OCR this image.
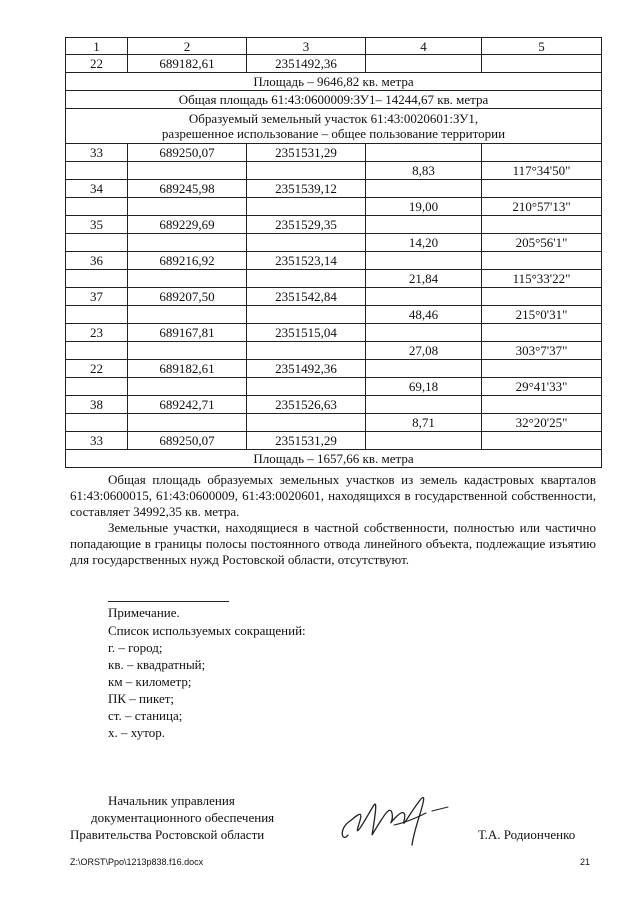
1	2	3	4	5
22	689182,61	2351492,36		
Площадь – 9646,82 кв. метра				
Общая площадь 61:43:0600009:ЗУ1– 14244,67 кв. метра				
Образуемый земельный участок 61:43:0020601:ЗУ1,
разрешенное использование – общее пользование территории				
33	689250,07	2351531,29		
			8,83	117°34'50"
34	689245,98	2351539,12		
			19,00	210°57'13"
35	689229,69	2351529,35		
			14,20	205°56'1"
36	689216,92	2351523,14		
			21,84	115°33'22"
37	689207,50	2351542,84		
			48,46	215°0'31"
23	689167,81	2351515,04		
			27,08	303°7'37"
22	689182,61	2351492,36		
			69,18	29°41'33"
38	689242,71	2351526,63		
			8,71	32°20'25"
33	689250,07	2351531,29		
Площадь – 1657,66 кв. метра				

Общая площадь образуемых земельных участков из земель кадастровых кварталов 61:43:0600015, 61:43:0600009, 61:43:0020601, находящихся в государственной собственности, составляет 34992,35 кв. метра.

Земельные участки, находящиеся в частной собственности, полностью или частично попадающие в границы полосы постоянного отвода линейного объекта, подлежащие изъятию для государственных нужд Ростовской области, отсутствуют.

Примечание.

Список используемых сокращений:

г. – город;

кв. – квадратный;

км – километр;

ПК – пикет;

ст. – станица;

х. – хутор.

Начальник управления

документационного обеспечения

Правительства Ростовской области	Т.А. Родионченко

Z:\ORST\Ppo\1213p838.f16.docx	21
